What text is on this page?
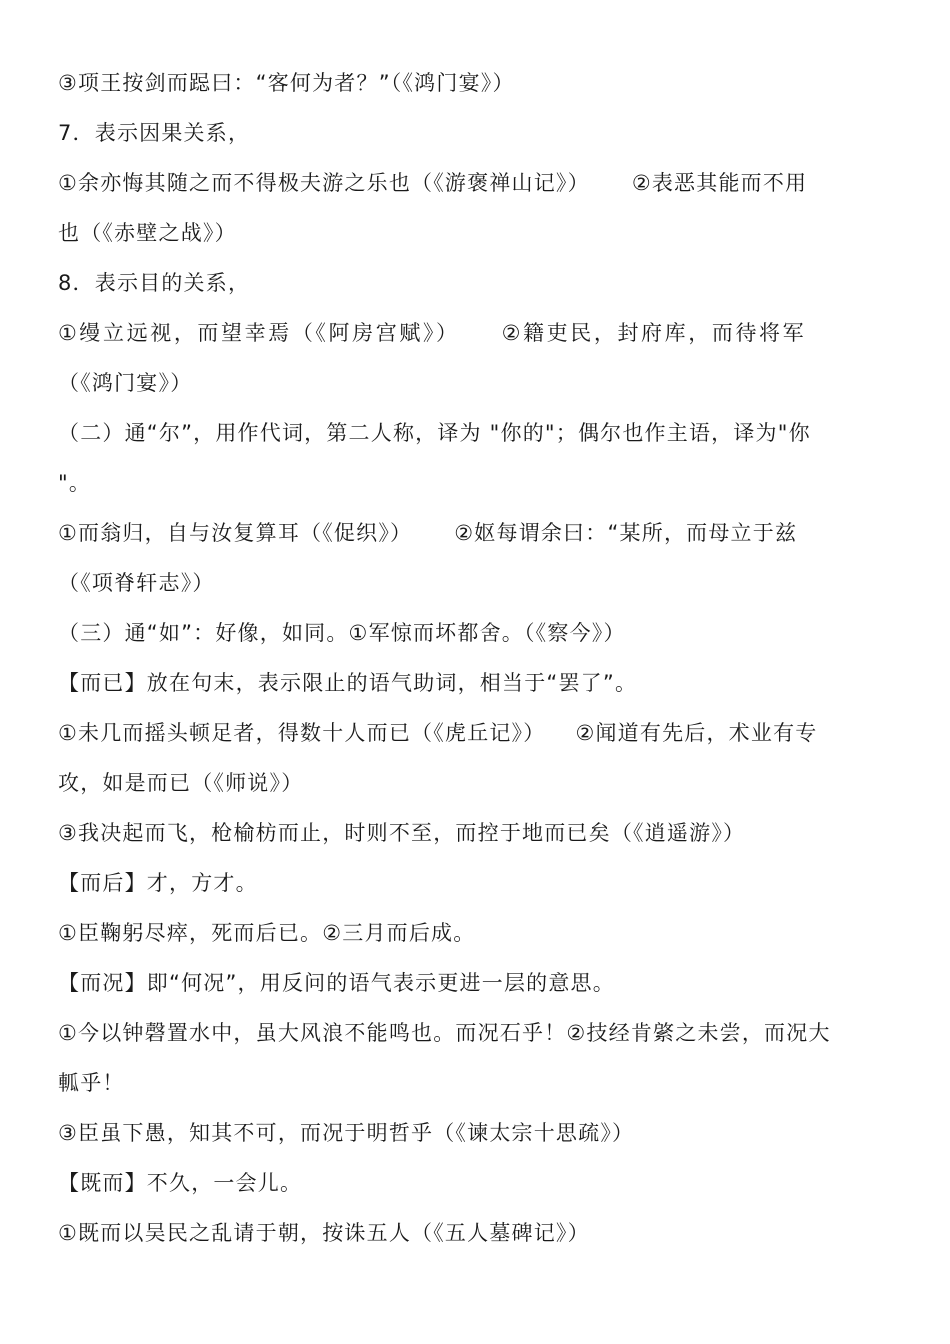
③项王按剑而跽曰：“客何为者？”（《鸿门宴》）
7．表示因果关系，
①余亦悔其随之而不得极夫游之乐也（《游褒禅山记》） ②表恶其能而不用
也（《赤壁之战》）
8．表示目的关系，
①缦立远视，而望幸焉（《阿房宫赋》） ②籍吏民，封府库，而待将军
（《鸿门宴》）
（二）通“尔”，用作代词，第二人称，译为 "你的"；偶尔也作主语，译为"你
"。
①而翁归，自与汝复算耳（《促织》） ②妪每谓余曰：“某所，而母立于兹
（《项脊轩志》）
（三）通“如”：好像，如同。①军惊而坏都舍。（《察今》）
【而已】放在句末，表示限止的语气助词，相当于“罢了”。
①未几而摇头顿足者，得数十人而已（《虎丘记》） ②闻道有先后，术业有专
攻，如是而已（《师说》）
③我决起而飞，枪榆枋而止，时则不至，而控于地而已矣（《逍遥游》）
【而后】才，方才。
①臣鞠躬尽瘁，死而后已。②三月而后成。
【而况】即“何况”，用反问的语气表示更进一层的意思。
①今以钟磬置水中，虽大风浪不能鸣也。而况石乎！②技经肯綮之未尝，而况大
軱乎！
③臣虽下愚，知其不可，而况于明哲乎（《谏太宗十思疏》）
【既而】不久，一会儿。
①既而以吴民之乱请于朝，按诛五人（《五人墓碑记》）
